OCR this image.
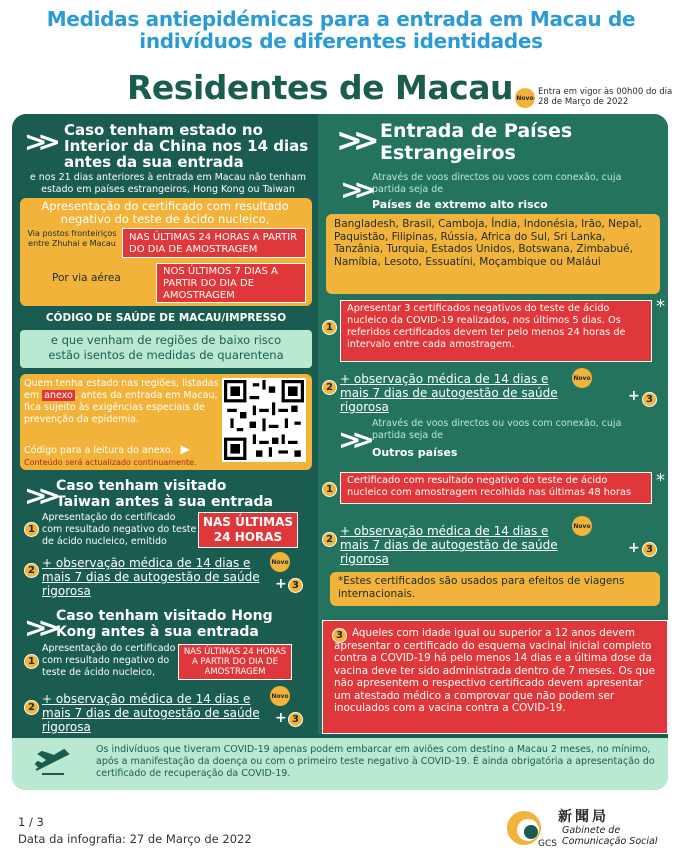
Medidas antiepidémicas para a entrada em Macau de
indivíduos de diferentes identidades
Residentes de Macau Novo
Entra em vigor às 00h00 do dia 28 de Março de 2022
>> Caso tenham estado no Interior da China nos 14 dias antes da sua entrada
e nos 21 dias anteriores à entrada em Macau não tenham estado em países estrangeiros, Hong Kong ou Taiwan
Apresentação do certificado com resultado negativo do teste de ácido nucleico,
Via postos fronteiriços entre Zhuhai e Macau
NAS ÚLTIMAS 24 HORAS A PARTIR DO DIA DE AMOSTRAGEM
Por via aérea
NOS ÚLTIMOS 7 DIAS A PARTIR DO DIA DE AMOSTRAGEM
CÓDIGO DE SAÚDE DE MACAU/IMPRESSO
e que venham de regiões de baixo risco estão isentos de medidas de quarentena
Quem tenha estado nas regiões, listadas em anexo , antes da entrada em Macau, fica sujeito às exigências especiais de prevenção da epidemia.
Código para a leitura do anexo. ▶
Conteúdo será actualizado continuamente.
>> Caso tenham visitado Taiwan antes à sua entrada
1
Apresentação do certificado com resultado negativo do teste de ácido nucleico, emitido
NAS ÚLTIMAS 24 HORAS
2
+ observação médica de 14 dias e mais 7 dias de autogestão de saúde rigorosa
Novo
+ 3
>> Caso tenham visitado Hong Kong antes à sua entrada
1
Apresentação do certificado com resultado negativo do teste de ácido nucleico,
NAS ÚLTIMAS 24 HORAS A PARTIR DO DIA DE AMOSTRAGEM
2
+ observação médica de 14 dias e mais 7 dias de autogestão de saúde rigorosa
Novo
+ 3
>> Entrada de Países Estrangeiros
>> Através de voos directos ou voos com conexão, cuja partida seja de
Países de extremo alto risco
Bangladesh, Brasil, Camboja, Índia, Indonésia, Irão, Nepal, Paquistão, Filipinas, Rússia, Africa do Sul, Sri Lanka, Tanzânia, Turquia, Estados Unidos, Botswana, Zimbabué, Namíbia, Lesoto, Essuatíni, Moçambique ou Maláui
1
Apresentar 3 certificados negativos do teste de ácido nucleico da COVID-19 realizados, nos últimos 5 dias. Os referidos certificados devem ter pelo menos 24 horas de intervalo entre cada amostragem.
*
2
+ observação médica de 14 dias e mais 7 dias de autogestão de saúde rigorosa
Novo
+ 3
>> Através de voos directos ou voos com conexão, cuja partida seja de
Outros países
1
Certificado com resultado negativo do teste de ácido nucleico com amostragem recolhida nas últimas 48 horas
*
2
+ observação médica de 14 dias e mais 7 dias de autogestão de saúde rigorosa
Novo
+ 3
*Estes certificados são usados para efeitos de viagens internacionais.
3 Aqueles com idade igual ou superior a 12 anos devem apresentar o certificado do esquema vacinal inicial completo contra a COVID-19 há pelo menos 14 dias e a última dose da vacina deve ter sido administrada dentro de 7 meses. Os que não apresentem o respectivo certificado devem apresentar um atestado médico a comprovar que não podem ser inoculados com a vacina contra a COVID-19.
Os indivíduos que tiveram COVID-19 apenas podem embarcar em aviões com destino a Macau 2 meses, no mínimo, após a manifestação da doença ou com o primeiro teste negativo à COVID-19. É ainda obrigatória a apresentação do certificado de recuperação da COVID-19.
1 / 3
Data da infografia: 27 de Março de 2022	GCS
新聞局
Gabinete de
Comunicação Social
